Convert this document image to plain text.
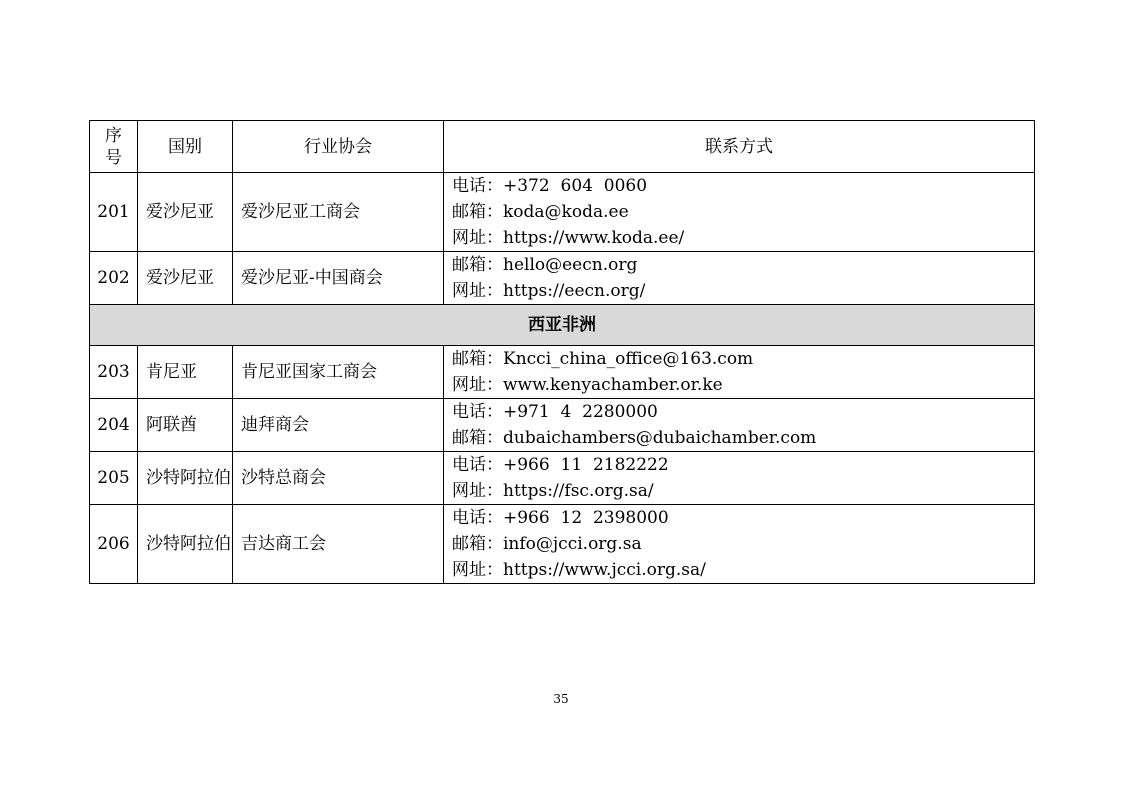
序
号	国别	行业协会	联系方式
201	爱沙尼亚	爱沙尼亚工商会	电话：+372  604  0060
邮箱：koda@koda.ee
网址：https://www.koda.ee/

202	爱沙尼亚	爱沙尼亚-中国商会	邮箱：hello@eecn.org
网址：https://eecn.org/

西亚非洲			
203	肯尼亚	肯尼亚国家工商会	邮箱：Kncci_china_office@163.com
网址：www.kenyachamber.or.ke

204	阿联酋	迪拜商会	电话：+971  4  2280000
邮箱：dubaichambers@dubaichamber.com

205	沙特阿拉伯	沙特总商会	电话：+966  11  2182222
网址：https://fsc.org.sa/

206	沙特阿拉伯	吉达商工会	电话：+966  12  2398000
邮箱：info@jcci.org.sa
网址：https://www.jcci.org.sa/
35
